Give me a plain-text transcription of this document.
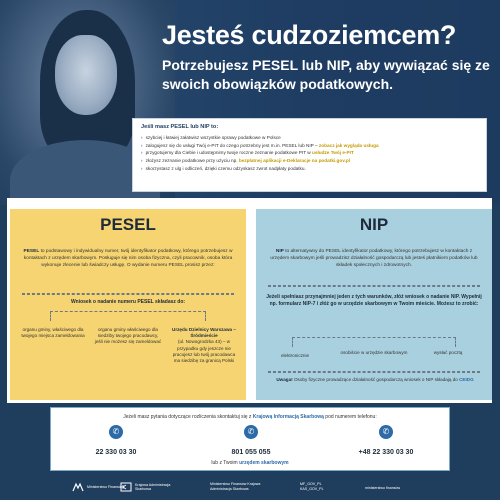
Jesteś cudzoziemcem?
Potrzebujesz PESEL lub NIP, aby wywiązać się ze swoich obowiązków podatkowych.
Jeśli masz PESEL lub NIP to:
› szybciej i łatwiej załatwisz wszystkie sprawy podatkowe w Polsce
› zalogujesz się do usługi Twój e-PIT do czego potrzebny jest m.in. PESEL lub NIP – zobacz jak wygląda usługa
› przygotujemy dla Ciebie i udostępnimy twoje roczne zeznanie podatkowe PIT w usłudze Twój e-PIT
› złożysz zeznanie podatkowe przy użyciu np. bezpłatnej aplikacji e-Deklaracje na podatki.gov.pl
› skorzystasz z ulg i odliczeń, dzięki czemu odzyskasz zwrot nadpłaty podatku.
PESEL
PESEL to podstawowy i indywidualny numer, twój identyfikator podatkowy, którego potrzebujesz w kontaktach z urzędem skarbowym. Posługuje się nim osoba fizyczna, czyli pracownik, osoba która wykonuje zlecenie lub świadczy usługę. O wydanie numeru PESEL prosisz przez:
Wniosek o nadanie numeru PESEL składasz do:
organu gminy, właściwego dla twojego miejsca zameldowania
organu gminy właściwego dla siedziby twojego pracodawcy, jeśli nie możesz się zameldować
Urzędu Dzielnicy Warszawa – Śródmieście
(ul. Nowogrodzka 43) – w przypadku gdy jeszcze nie pracujesz lub twój pracodawca ma siedzibę za granicą Polski
NIP
NIP to alternatywny do PESEL identyfikator podatkowy, którego potrzebujesz w kontaktach z urzędem skarbowym jeśli prowadzisz działalność gospodarczą lub jesteś płatnikiem podatków lub składek społecznych i zdrowotnych.
Jeżeli spełniasz przynajmniej jeden z tych warunków, złóż wniosek o nadanie NIP. Wypełnij np. formularz NIP-7 i złóż go w urzędzie skarbowym w Twoim mieście. Możesz to zrobić:
elektronicznie
osobiście w urzędzie skarbowym	wysłać pocztą
Uwaga! Osoby fizyczne prowadzące działalność gospodarczą wniosek o NIP składają do CEIDG
Jeżeli masz pytania dotyczące rozliczenia skontaktuj się z Krajową Informacją Skarbową pod numerem telefonu:
✆
22 330 03 30
✆
801 055 055
✆
+48 22 330 03 30
lub z Twoim urzędem skarbowym
Ministerstwo Finansów
Krajowa Administracja Skarbowa
Ministerstwo Finansów Krajowa Administracja Skarbowa
MF_GOV_PL KAS_GOV_PL	ministerstwo finansów
